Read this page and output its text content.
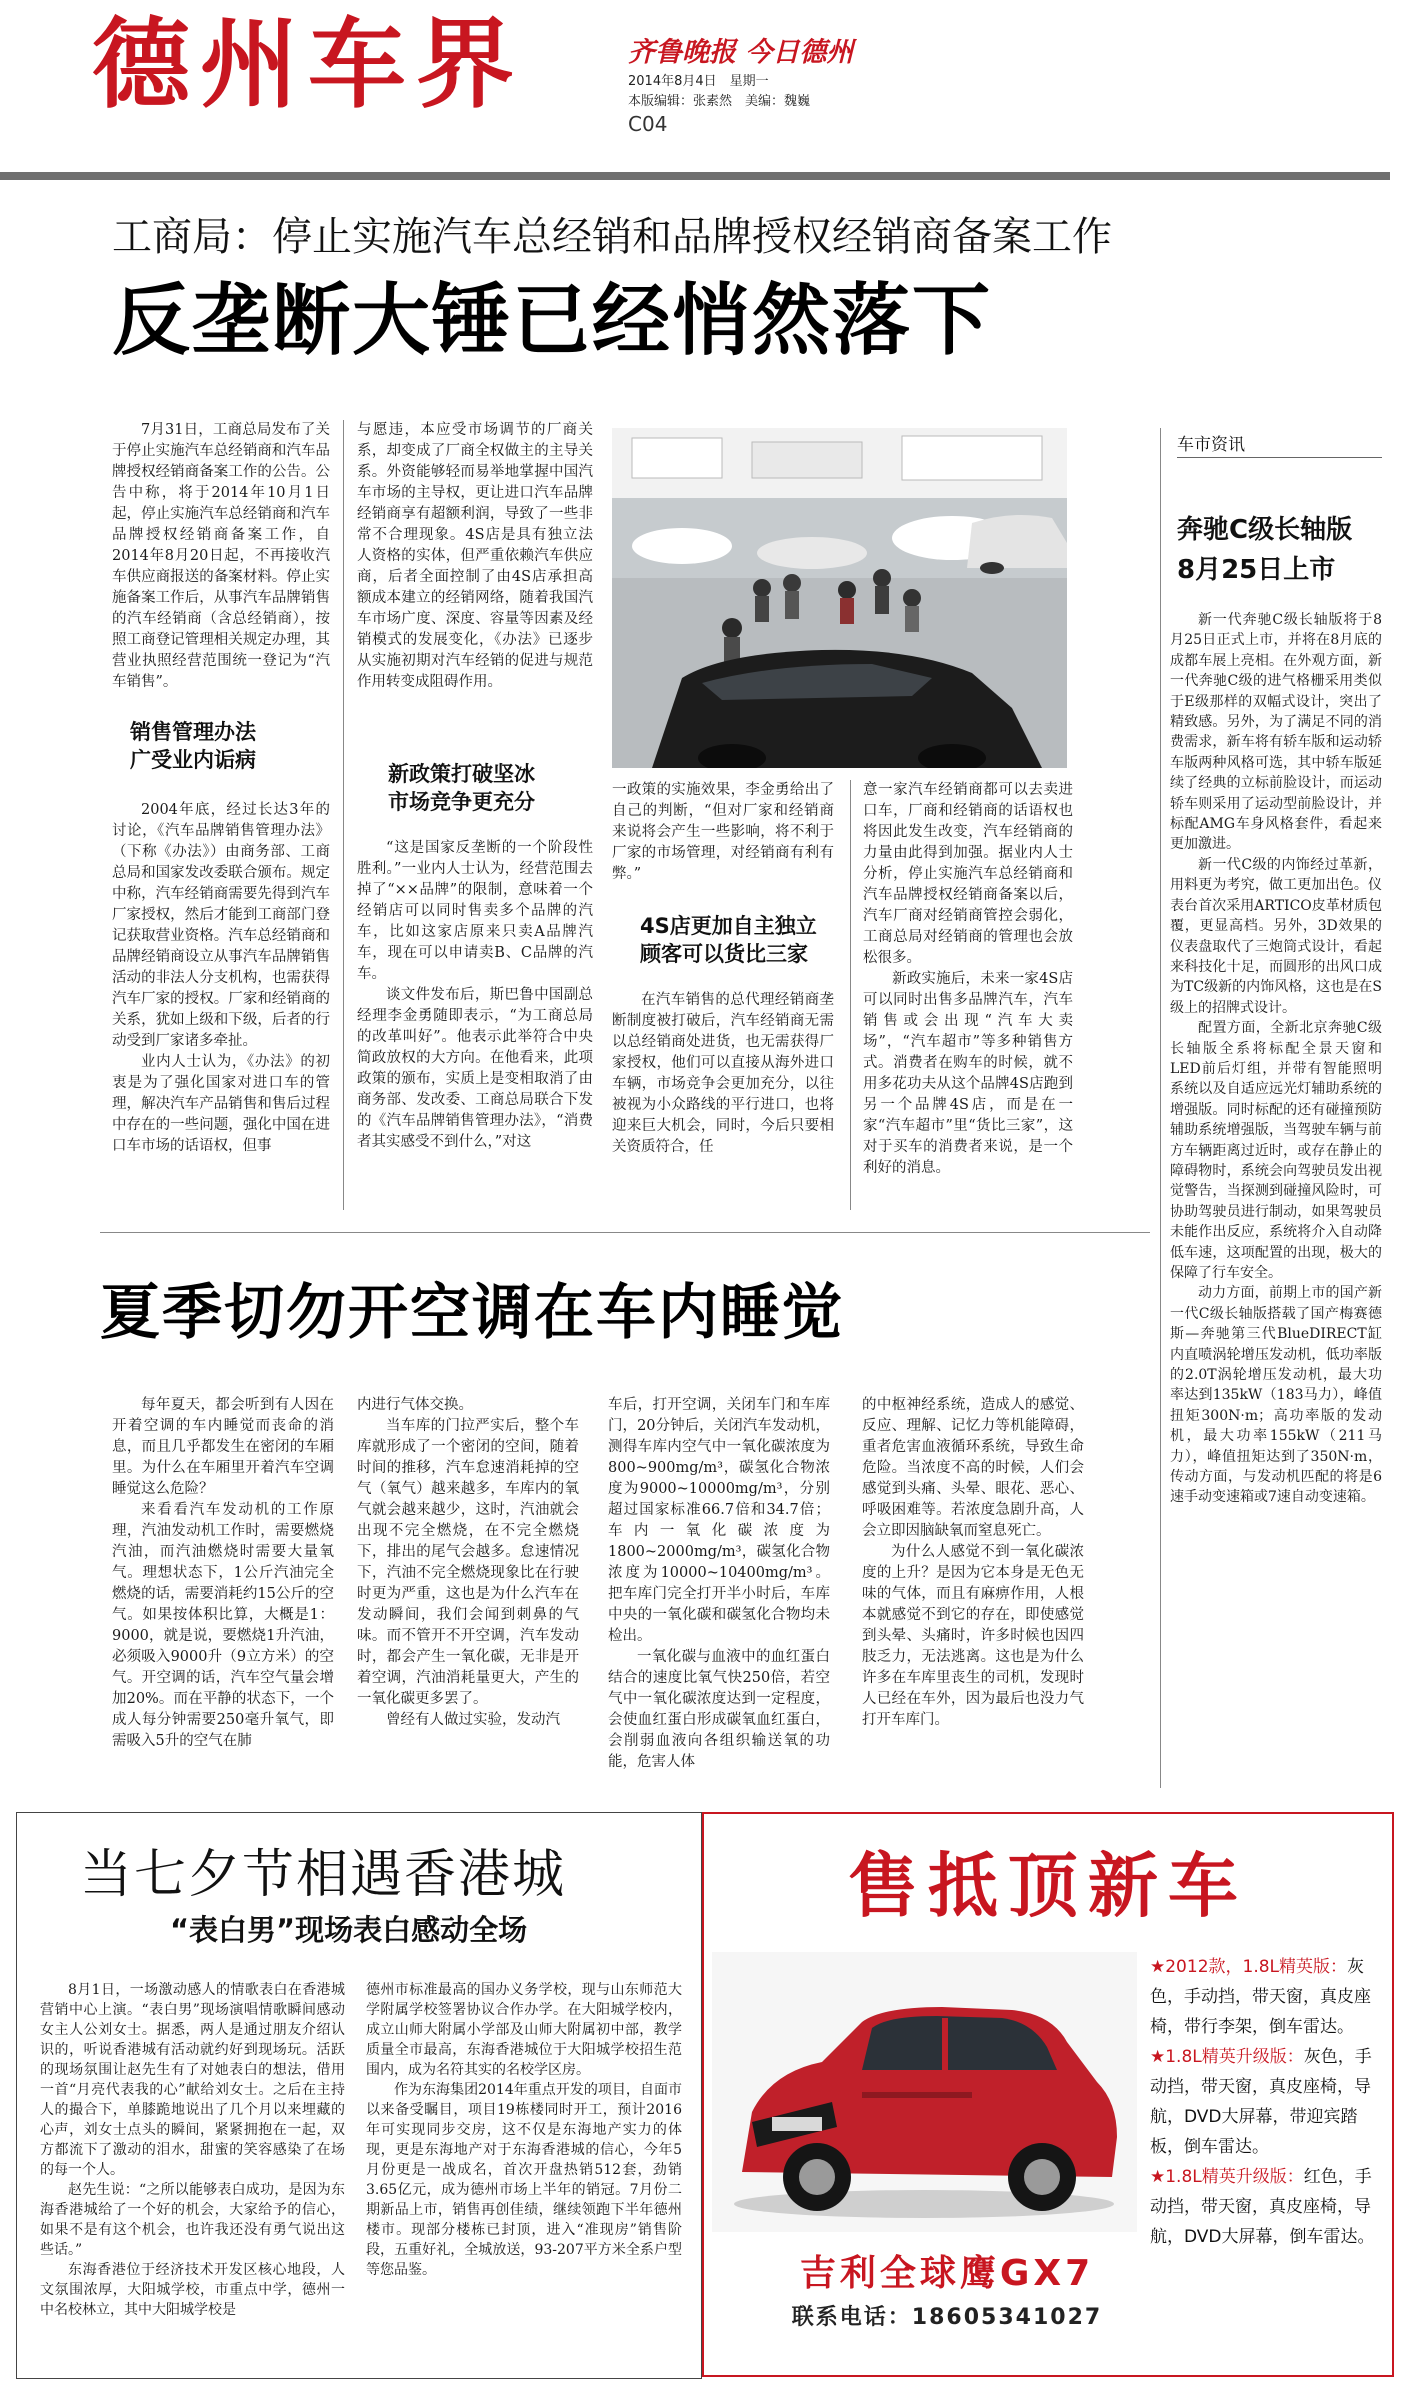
德州车界	齐鲁晚报 今日德州
2014年8月4日　星期一
本版编辑：张素然　美编：魏巍
C04
工商局：停止实施汽车总经销和品牌授权经销商备案工作
反垄断大锤已经悄然落下

7月31日，工商总局发布了关于停止实施汽车总经销商和汽车品牌授权经销商备案工作的公告。公告中称，将于2014年10月1日起，停止实施汽车总经销商和汽车品牌授权经销商备案工作，自2014年8月20日起，不再接收汽车供应商报送的备案材料。停止实施备案工作后，从事汽车品牌销售的汽车经销商（含总经销商），按照工商登记管理相关规定办理，其营业执照经营范围统一登记为“汽车销售”。

销售管理办法
广受业内诟病

2004年底，经过长达3年的讨论，《汽车品牌销售管理办法》（下称《办法》）由商务部、工商总局和国家发改委联合颁布。规定中称，汽车经销商需要先得到汽车厂家授权，然后才能到工商部门登记获取营业资格。汽车总经销商和品牌经销商设立从事汽车品牌销售活动的非法人分支机构，也需获得汽车厂家的授权。厂家和经销商的关系，犹如上级和下级，后者的行动受到厂家诸多牵扯。

业内人士认为，《办法》的初衷是为了强化国家对进口车的管理，解决汽车产品销售和售后过程中存在的一些问题，强化中国在进口车市场的话语权，但事

与愿违，本应受市场调节的厂商关系，却变成了厂商全权做主的主导关系。外资能够轻而易举地掌握中国汽车市场的主导权，更让进口汽车品牌经销商享有超额利润，导致了一些非常不合理现象。4S店是具有独立法人资格的实体，但严重依赖汽车供应商，后者全面控制了由4S店承担高额成本建立的经销网络，随着我国汽车市场广度、深度、容量等因素及经销模式的发展变化，《办法》已逐步从实施初期对汽车经销的促进与规范作用转变成阻碍作用。

新政策打破坚冰
市场竞争更充分

“这是国家反垄断的一个阶段性胜利。”一业内人士认为，经营范围去掉了“××品牌”的限制，意味着一个经销店可以同时售卖多个品牌的汽车，比如这家店原来只卖A品牌汽车，现在可以申请卖B、C品牌的汽车。

谈文件发布后，斯巴鲁中国副总经理李金勇随即表示，“为工商总局的改革叫好”。他表示此举符合中央简政放权的大方向。在他看来，此项政策的颁布，实质上是变相取消了由商务部、发改委、工商总局联合下发的《汽车品牌销售管理办法》，“消费者其实感受不到什么，”对这

一政策的实施效果，李金勇给出了自己的判断，“但对厂家和经销商来说将会产生一些影响，将不利于厂家的市场管理，对经销商有利有弊。”

4S店更加自主独立
顾客可以货比三家

在汽车销售的总代理经销商垄断制度被打破后，汽车经销商无需以总经销商处进货，也无需获得厂家授权，他们可以直接从海外进口车辆，市场竞争会更加充分，以往被视为小众路线的平行进口，也将迎来巨大机会，同时，今后只要相关资质符合，任

意一家汽车经销商都可以去卖进口车，厂商和经销商的话语权也将因此发生改变，汽车经销商的力量由此得到加强。据业内人士分析，停止实施汽车总经销商和汽车品牌授权经销商备案以后，汽车厂商对经销商管控会弱化，工商总局对经销商的管理也会放松很多。

新政实施后，未来一家4S店可以同时出售多品牌汽车，汽车销售或会出现“汽车大卖场”，“汽车超市”等多种销售方式。消费者在购车的时候，就不用多花功夫从这个品牌4S店跑到另一个品牌4S店，而是在一家“汽车超市”里“货比三家”，这对于买车的消费者来说，是一个利好的消息。

车市资讯
奔驰C级长轴版
8月25日上市

新一代奔驰C级长轴版将于8月25日正式上市，并将在8月底的成都车展上亮相。在外观方面，新一代奔驰C级的进气格栅采用类似于E级那样的双幅式设计，突出了精致感。另外，为了满足不同的消费需求，新车将有轿车版和运动轿车版两种风格可选，其中轿车版延续了经典的立标前脸设计，而运动轿车则采用了运动型前脸设计，并标配AMG车身风格套件，看起来更加激进。

新一代C级的内饰经过革新，用料更为考究，做工更加出色。仪表台首次采用ARTICO皮革材质包覆，更显高档。另外，3D效果的仪表盘取代了三炮筒式设计，看起来科技化十足，而圆形的出风口成为TC级新的内饰风格，这也是在S级上的招牌式设计。

配置方面，全新北京奔驰C级长轴版全系将标配全景天窗和LED前后灯组，并带有智能照明系统以及自适应远光灯辅助系统的增强版。同时标配的还有碰撞预防辅助系统增强版，当驾驶车辆与前方车辆距离过近时，或存在静止的障碍物时，系统会向驾驶员发出视觉警告，当探测到碰撞风险时，可协助驾驶员进行制动，如果驾驶员未能作出反应，系统将介入自动降低车速，这项配置的出现，极大的保障了行车安全。

动力方面，前期上市的国产新一代C级长轴版搭载了国产梅赛德斯—奔驰第三代BlueDIRECT缸内直喷涡轮增压发动机，低功率版的2.0T涡轮增压发动机，最大功率达到135kW（183马力），峰值扭矩300N·m；高功率版的发动机，最大功率155kW（211马力），峰值扭矩达到了350N·m，传动方面，与发动机匹配的将是6速手动变速箱或7速自动变速箱。

夏季切勿开空调在车内睡觉

每年夏天，都会听到有人因在开着空调的车内睡觉而丧命的消息，而且几乎都发生在密闭的车厢里。为什么在车厢里开着汽车空调睡觉这么危险？

来看看汽车发动机的工作原理，汽油发动机工作时，需要燃烧汽油，而汽油燃烧时需要大量氧气。理想状态下，1公斤汽油完全燃烧的话，需要消耗约15公斤的空气。如果按体积比算，大概是1：9000，就是说，要燃烧1升汽油，必须吸入9000升（9立方米）的空气。开空调的话，汽车空气量会增加20%。而在平静的状态下，一个成人每分钟需要250毫升氧气，即需吸入5升的空气在肺

内进行气体交换。

当车库的门拉严实后，整个车库就形成了一个密闭的空间，随着时间的推移，汽车怠速消耗掉的空气（氧气）越来越多，车库内的氧气就会越来越少，这时，汽油就会出现不完全燃烧，在不完全燃烧下，排出的尾气会越多。怠速情况下，汽油不完全燃烧现象比在行驶时更为严重，这也是为什么汽车在发动瞬间，我们会闻到刺鼻的气味。而不管开不开空调，汽车发动时，都会产生一氧化碳，无非是开着空调，汽油消耗量更大，产生的一氧化碳更多罢了。

曾经有人做过实验，发动汽

车后，打开空调，关闭车门和车库门，20分钟后，关闭汽车发动机，测得车库内空气中一氧化碳浓度为800~900mg/m³，碳氢化合物浓度为9000~10000mg/m³，分别超过国家标准66.7倍和34.7倍；车内一氧化碳浓度为1800~2000mg/m³，碳氢化合物浓度为10000~10400mg/m³。把车库门完全打开半小时后，车库中央的一氧化碳和碳氢化合物均未检出。

一氧化碳与血液中的血红蛋白结合的速度比氧气快250倍，若空气中一氧化碳浓度达到一定程度，会使血红蛋白形成碳氧血红蛋白，会削弱血液向各组织输送氧的功能，危害人体

的中枢神经系统，造成人的感觉、反应、理解、记忆力等机能障碍，重者危害血液循环系统，导致生命危险。当浓度不高的时候，人们会感觉到头痛、头晕、眼花、恶心、呼吸困难等。若浓度急剧升高，人会立即因脑缺氧而窒息死亡。

为什么人感觉不到一氧化碳浓度的上升？是因为它本身是无色无味的气体，而且有麻痹作用，人根本就感觉不到它的存在，即使感觉到头晕、头痛时，许多时候也因四肢乏力，无法逃离。这也是为什么许多在车库里丧生的司机，发现时人已经在车外，因为最后也没力气打开车库门。

当七夕节相遇香港城
“表白男”现场表白感动全场

8月1日，一场激动感人的情歌表白在香港城营销中心上演。“表白男”现场演唱情歌瞬间感动女主人公刘女士。据悉，两人是通过朋友介绍认识的，听说香港城有活动就约好到现场玩。活跃的现场氛围让赵先生有了对她表白的想法，借用一首“月亮代表我的心”献给刘女士。之后在主持人的撮合下，单膝跪地说出了几个月以来埋藏的心声，刘女士点头的瞬间，紧紧拥抱在一起，双方都流下了激动的泪水，甜蜜的笑容感染了在场的每一个人。

赵先生说：“之所以能够表白成功，是因为东海香港城给了一个好的机会，大家给予的信心，如果不是有这个机会，也许我还没有勇气说出这些话。”

东海香港位于经济技术开发区核心地段，人文氛围浓厚，大阳城学校，市重点中学，德州一中名校林立，其中大阳城学校是

德州市标准最高的国办义务学校，现与山东师范大学附属学校签署协议合作办学。在大阳城学校内，成立山师大附属小学部及山师大附属初中部，教学质量全市最高，东海香港城位于大阳城学校招生范围内，成为名符其实的名校学区房。

作为东海集团2014年重点开发的项目，自面市以来备受瞩目，项目19栋楼同时开工，预计2016年可实现同步交房，这不仅是东海地产实力的体现，更是东海地产对于东海香港城的信心，今年5月份更是一战成名，首次开盘热销512套，劲销3.65亿元，成为德州市场上半年的销冠。7月份二期新品上市，销售再创佳绩，继续领跑下半年德州楼市。现部分楼栋已封顶，进入“准现房”销售阶段，五重好礼，全城放送，93-207平方米全系户型等您品鉴。

售抵顶新车
★2012款，1.8L精英版：灰色，手动挡，带天窗，真皮座椅，带行李架，倒车雷达。
★1.8L精英升级版：灰色，手动挡，带天窗，真皮座椅，导航，DVD大屏幕，带迎宾踏板，倒车雷达。
★1.8L精英升级版：红色，手动挡，带天窗，真皮座椅，导航，DVD大屏幕，倒车雷达。
吉利全球鹰GX7
联系电话：18605341027
